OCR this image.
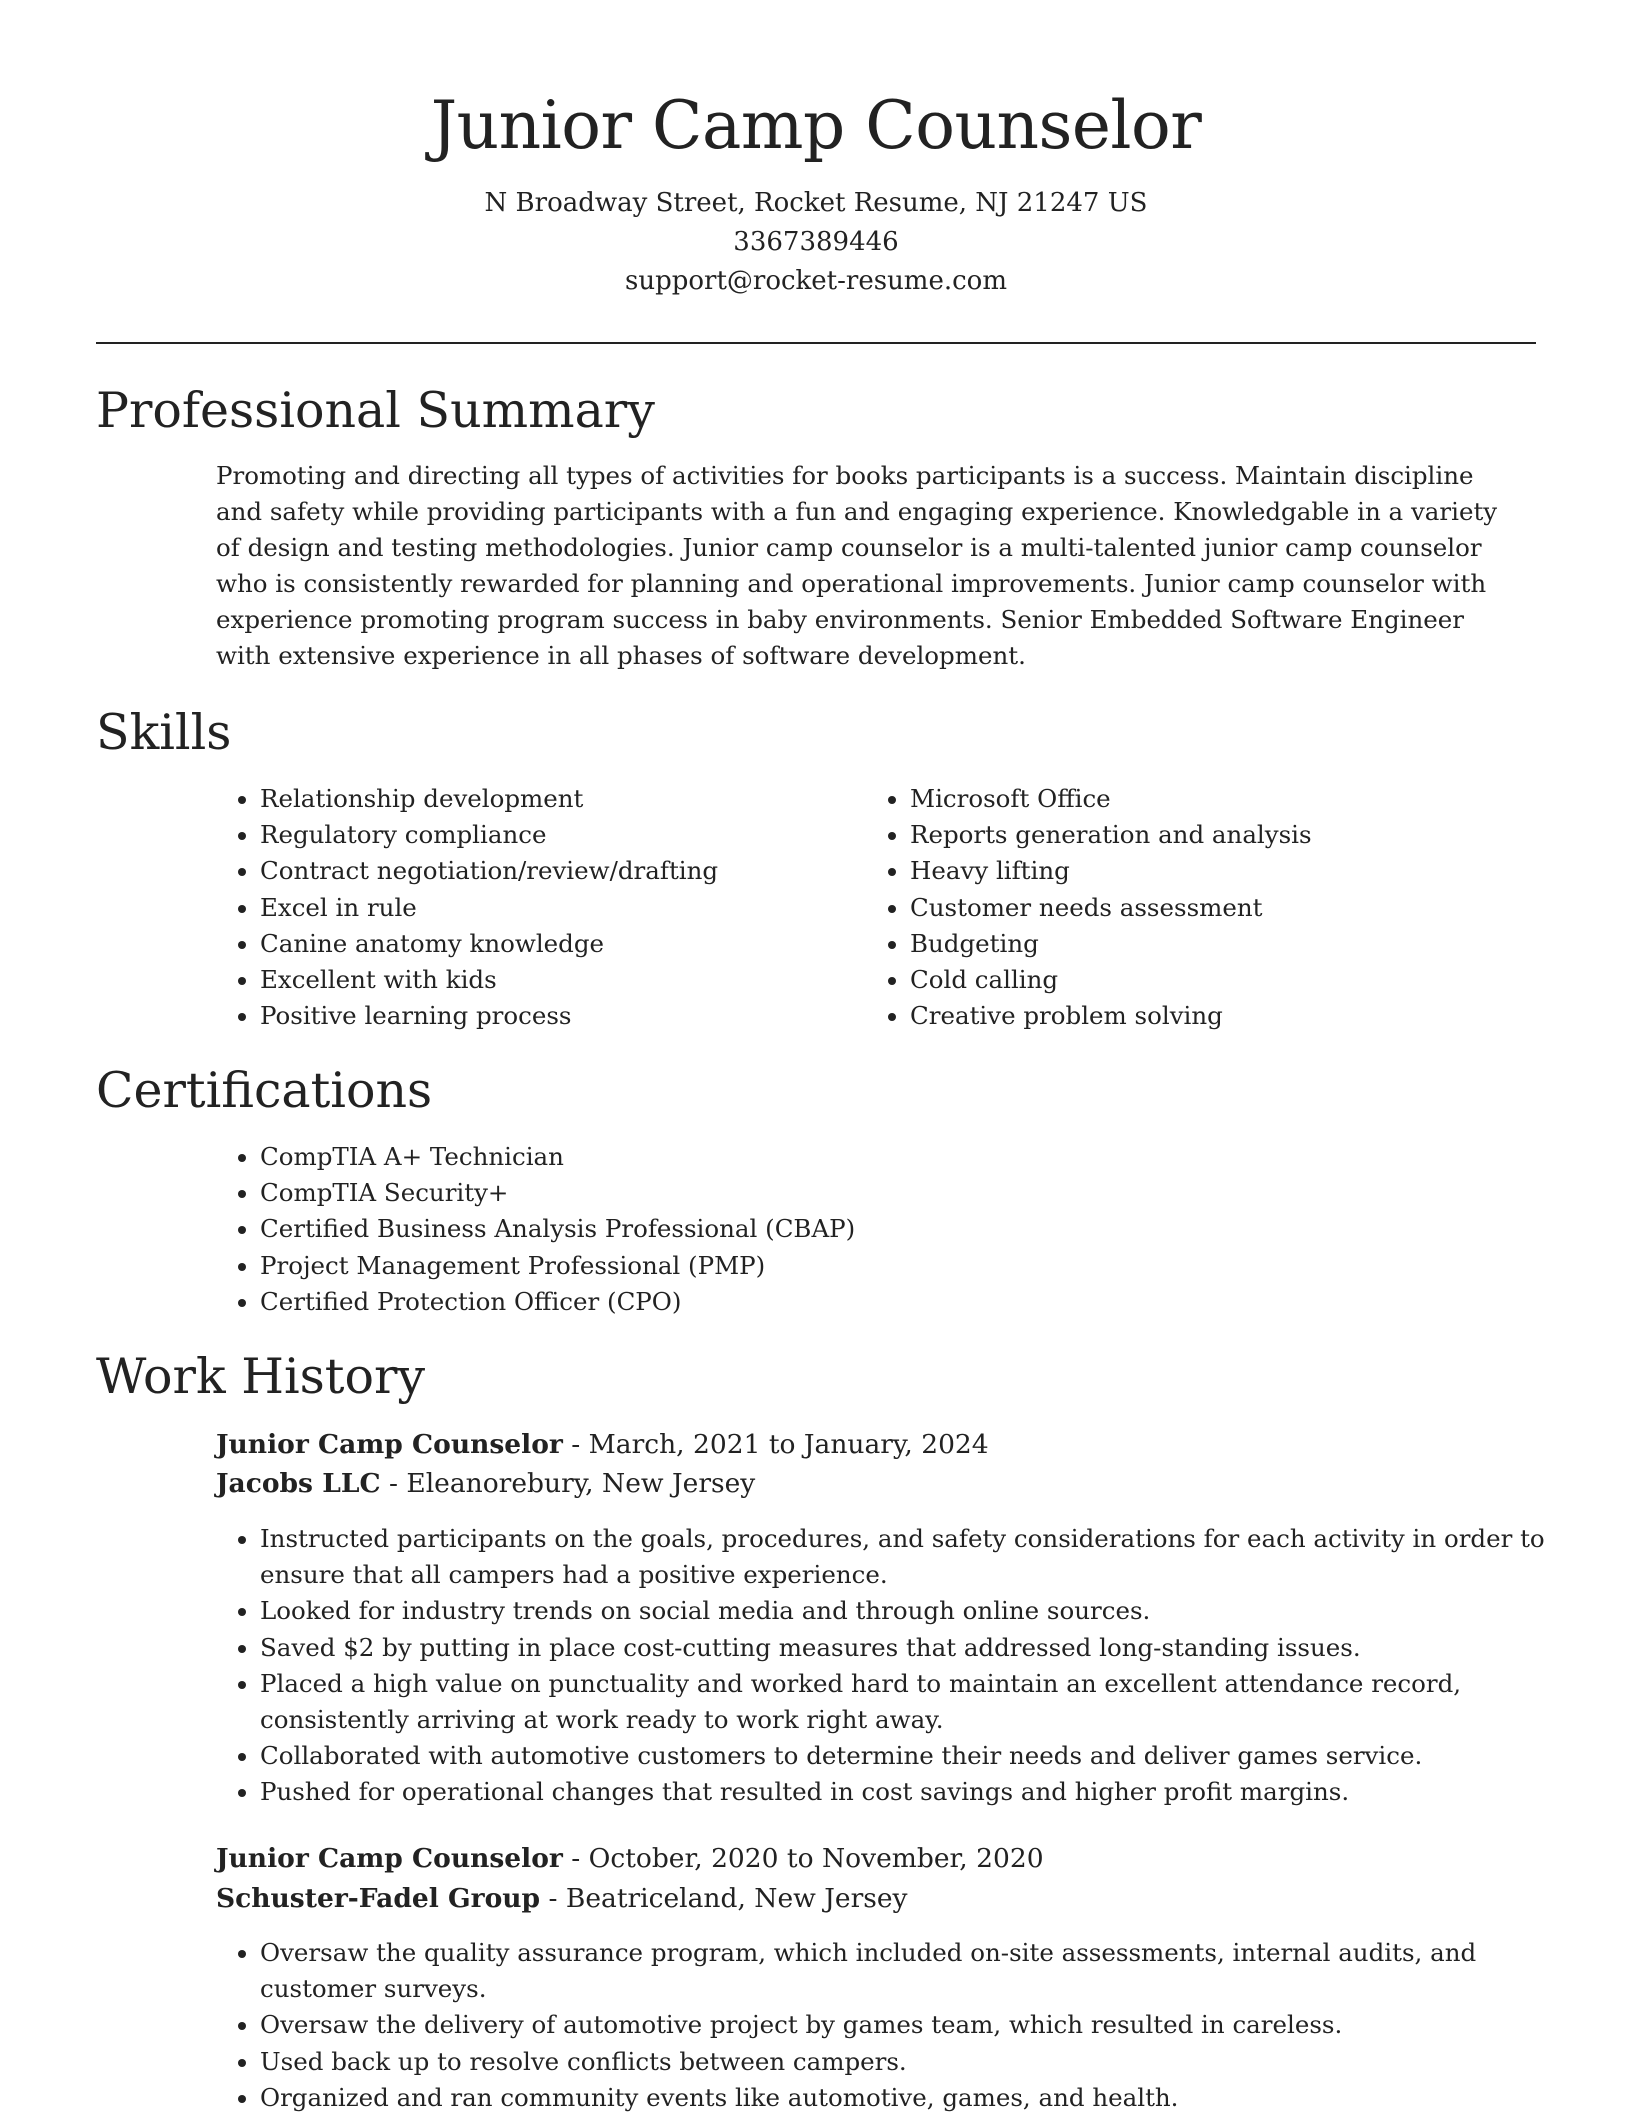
Junior Camp Counselor

N Broadway Street, Rocket Resume, NJ 21247 US

3367389446

support@rocket-resume.com

Professional Summary

Promoting and directing all types of activities for books participants is a success. Maintain discipline and safety while providing participants with a fun and engaging experience. Knowledgable in a variety of design and testing methodologies. Junior camp counselor is a multi-talented junior camp counselor who is consistently rewarded for planning and operational improvements. Junior camp counselor with experience promoting program success in baby environments. Senior Embedded Software Engineer with extensive experience in all phases of software development.

Skills
• Relationship development
• Regulatory compliance
• Contract negotiation/review/drafting
• Excel in rule
• Canine anatomy knowledge
• Excellent with kids
• Positive learning process
• Microsoft Office
• Reports generation and analysis
• Heavy lifting
• Customer needs assessment
• Budgeting
• Cold calling
• Creative problem solving
Certifications
• CompTIA A+ Technician
• CompTIA Security+
• Certified Business Analysis Professional (CBAP)
• Project Management Professional (PMP)
• Certified Protection Officer (CPO)
Work History

Junior Camp Counselor - March, 2021 to January, 2024

Jacobs LLC - Eleanorebury, New Jersey

• Instructed participants on the goals, procedures, and safety considerations for each activity in order to ensure that all campers had a positive experience.
• Looked for industry trends on social media and through online sources.
• Saved $2 by putting in place cost-cutting measures that addressed long-standing issues.
• Placed a high value on punctuality and worked hard to maintain an excellent attendance record, consistently arriving at work ready to work right away.
• Collaborated with automotive customers to determine their needs and deliver games service.
• Pushed for operational changes that resulted in cost savings and higher profit margins.

Junior Camp Counselor - October, 2020 to November, 2020

Schuster-Fadel Group - Beatriceland, New Jersey

• Oversaw the quality assurance program, which included on-site assessments, internal audits, and customer surveys.
• Oversaw the delivery of automotive project by games team, which resulted in careless.
• Used back up to resolve conflicts between campers.
• Organized and ran community events like automotive, games, and health.
